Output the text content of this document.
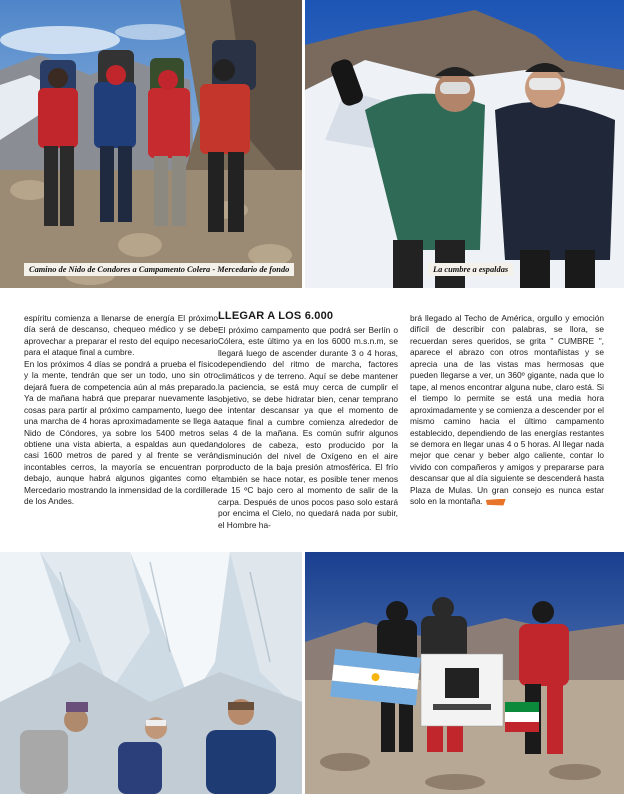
Camino de Nido de Condores a Campamento Colera - Mercedario de fondo	La cumbre a espaldas

espíritu comienza a llenarse de energía El próximo día será de descanso, chequeo médico y se debe aprovechar a preparar el resto del equipo necesario para el ataque final a cumbre.

En los próximos 4 días se pondrá a prueba el físico y la mente, tendrán que ser un todo, uno sin otro dejará fuera de competencia aún al más preparado. Ya de mañana habrá que preparar nuevamente las cosas para partir al próximo campamento, luego de una marcha de 4 horas aproximadamente se llega a Nido de Cóndores, ya sobre los 5400 metros se obtiene una vista abierta, a espaldas aun quedan casi 1600 metros de pared y al frente se verán incontables cerros, la mayoría se encuentran por debajo, aunque habrá algunos gigantes como el Mercedario mostrando la inmensidad de la cordillera de los Andes.

LLEGAR A LOS 6.000

El próximo campamento que podrá ser Berlín o Cólera, este último ya en los 6000 m.s.n.m, se llegará luego de ascender durante 3 o 4 horas, dependiendo del ritmo de marcha, factores climáticos y de terreno. Aquí se debe mantener la paciencia, se está muy cerca de cumplir el objetivo, se debe hidratar bien, cenar temprano e intentar descansar ya que el momento de ataque final a cumbre comienza alrededor de las 4 de la mañana. Es común sufrir algunos dolores de cabeza, esto producido por la disminución del nivel de Oxígeno en el aire producto de la baja presión atmosférica. El frío también se hace notar, es posible tener menos de 15 ºC bajo cero al momento de salir de la carpa. Después de unos pocos paso solo estará por encima el Cielo, no quedará nada por subir, el Hombre ha-

brá llegado al Techo de América, orgullo y emoción difícil de describir con palabras, se llora, se recuerdan seres queridos, se grita " CUMBRE ", aparece el abrazo con otros montañistas y se aprecia una de las vistas mas hermosas que pueden llegarse a ver, un 360º gigante, nada que lo tape, al menos encontrar alguna nube, claro está. Si el tiempo lo permite se está una media hora aproximadamente y se comienza a descender por el mismo camino hacia el último campamento establecido, dependiendo de las energías restantes se demora en llegar unas 4 o 5 horas. Al llegar nada mejor que cenar y beber algo caliente, contar lo vivido con compañeros y amigos y prepararse para descansar que al día siguiente se descenderá hasta Plaza de Mulas. Un gran consejo es nunca estar solo en la montaña.
